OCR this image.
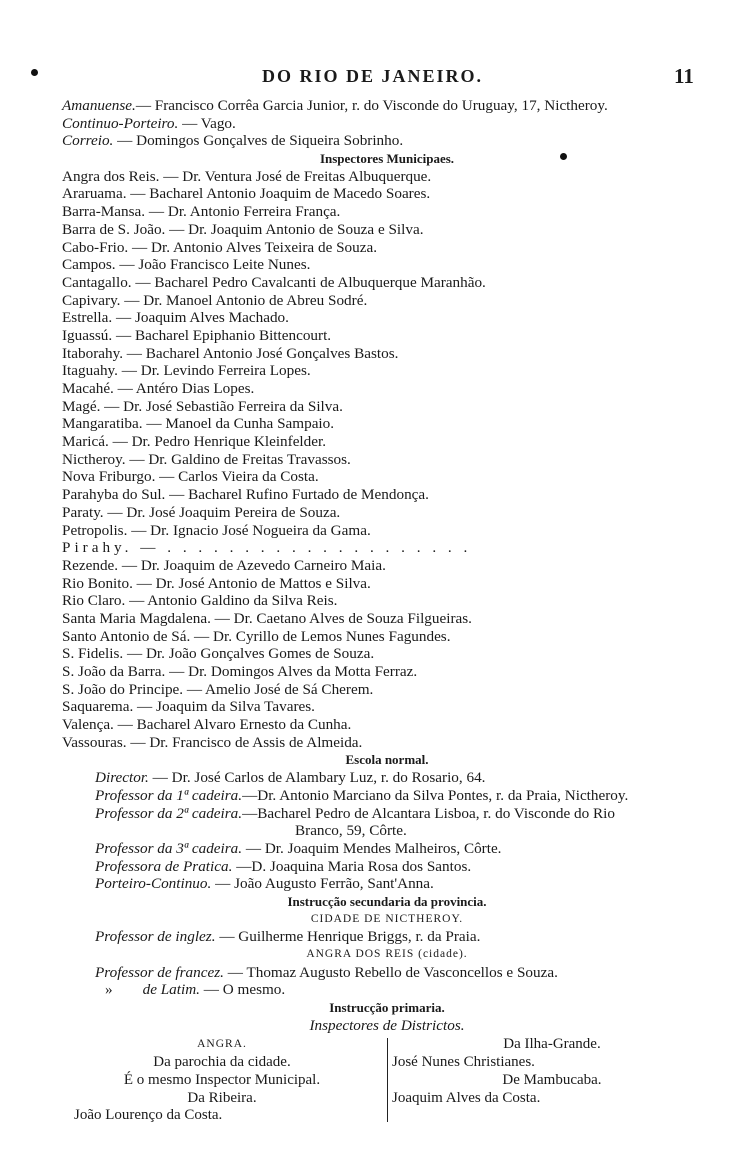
DO RIO DE JANEIRO.	11
Amanuense.— Francisco Corrêa Garcia Junior, r. do Visconde do Uruguay, 17, Nictheroy.
Continuo-Porteiro. — Vago.
Correio. — Domingos Gonçalves de Siqueira Sobrinho.
Inspectores Municipaes.
Angra dos Reis. — Dr. Ventura José de Freitas Albuquerque.
Araruama. — Bacharel Antonio Joaquim de Macedo Soares.
Barra-Mansa. — Dr. Antonio Ferreira França.
Barra de S. João. — Dr. Joaquim Antonio de Souza e Silva.
Cabo-Frio. — Dr. Antonio Alves Teixeira de Souza.
Campos. — João Francisco Leite Nunes.
Cantagallo. — Bacharel Pedro Cavalcanti de Albuquerque Maranhão.
Capivary. — Dr. Manoel Antonio de Abreu Sodré.
Estrella. — Joaquim Alves Machado.
Iguassú. — Bacharel Epiphanio Bittencourt.
Itaborahy. — Bacharel Antonio José Gonçalves Bastos.
Itaguahy. — Dr. Levindo Ferreira Lopes.
Macahé. — Antéro Dias Lopes.
Magé. — Dr. José Sebastião Ferreira da Silva.
Mangaratiba. — Manoel da Cunha Sampaio.
Maricá. — Dr. Pedro Henrique Kleinfelder.
Nictheroy. — Dr. Galdino de Freitas Travassos.
Nova Friburgo. — Carlos Vieira da Costa.
Parahyba do Sul. — Bacharel Rufino Furtado de Mendonça.
Paraty. — Dr. José Joaquim Pereira de Souza.
Petropolis. — Dr. Ignacio José Nogueira da Gama.
Pirahy. — . . . . . . . . . . . . . . . . . . . .
Rezende. — Dr. Joaquim de Azevedo Carneiro Maia.
Rio Bonito. — Dr. José Antonio de Mattos e Silva.
Rio Claro. — Antonio Galdino da Silva Reis.
Santa Maria Magdalena. — Dr. Caetano Alves de Souza Filgueiras.
Santo Antonio de Sá. — Dr. Cyrillo de Lemos Nunes Fagundes.
S. Fidelis. — Dr. João Gonçalves Gomes de Souza.
S. João da Barra. — Dr. Domingos Alves da Motta Ferraz.
S. João do Principe. — Amelio José de Sá Cherem.
Saquarema. — Joaquim da Silva Tavares.
Valença. — Bacharel Alvaro Ernesto da Cunha.
Vassouras. — Dr. Francisco de Assis de Almeida.
Escola normal.
Director. — Dr. José Carlos de Alambary Luz, r. do Rosario, 64.
Professor da 1ª cadeira.—Dr. Antonio Marciano da Silva Pontes, r. da Praia, Nictheroy.
Professor da 2ª cadeira.—Bacharel Pedro de Alcantara Lisboa, r. do Visconde do Rio
Branco, 59, Côrte.
Professor da 3ª cadeira. — Dr. Joaquim Mendes Malheiros, Côrte.
Professora de Pratica. —D. Joaquina Maria Rosa dos Santos.
Porteiro-Continuo. — João Augusto Ferrão, Sant'Anna.
Instrucção secundaria da provincia.
CIDADE DE NICTHEROY.
Professor de inglez. — Guilherme Henrique Briggs, r. da Praia.
ANGRA DOS REIS (cidade).
Professor de francez. — Thomaz Augusto Rebello de Vasconcellos e Souza.
» de Latim. — O mesmo.
Instrucção primaria.
Inspectores de Districtos.
ANGRA.
Da parochia da cidade.
É o mesmo Inspector Municipal.
Da Ribeira.
João Lourenço da Costa.
Da Ilha-Grande.
José Nunes Christianes.
De Mambucaba.
Joaquim Alves da Costa.
